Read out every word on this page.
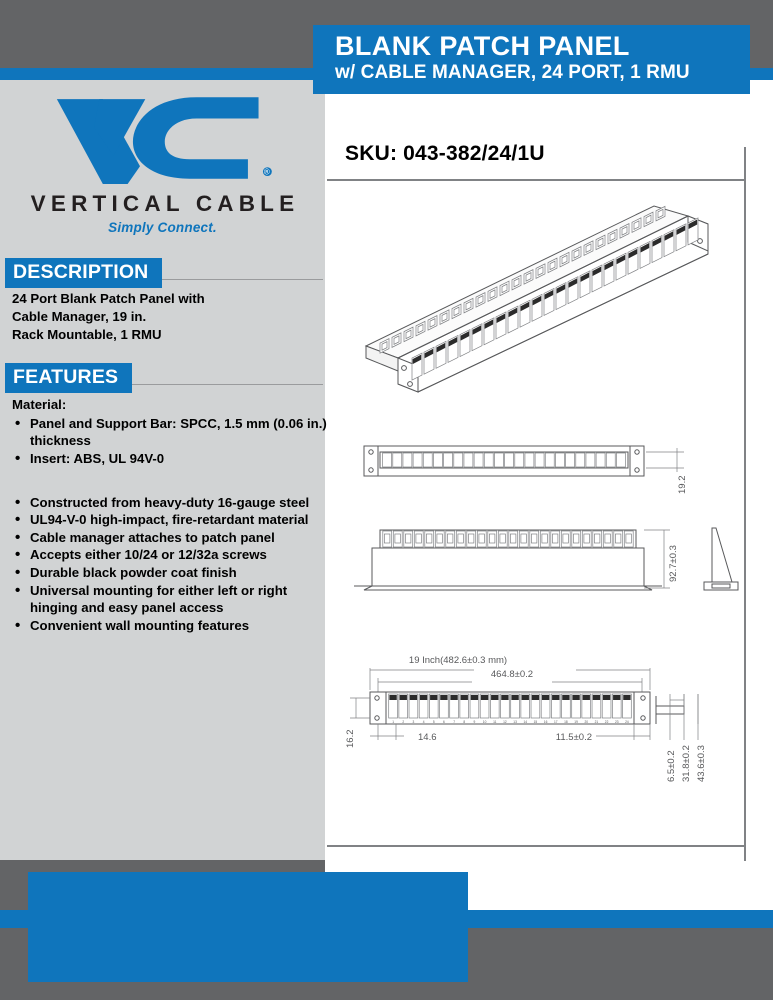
BLANK PATCH PANEL
w/ CABLE MANAGER, 24 PORT, 1 RMU
®
VERTICAL CABLE
Simply Connect.
DESCRIPTION
24 Port Blank Patch Panel with
Cable Manager, 19 in.
Rack Mountable, 1 RMU
FEATURES
Material:
• Panel and Support Bar: SPCC, 1.5 mm (0.06 in.) thickness
• Insert: ABS, UL 94V-0
• Constructed from heavy-duty 16-gauge steel
• UL94-V-0 high-impact, fire-retardant material
• Cable manager attaches to patch panel
• Accepts either 10/24 or 12/32a screws
• Durable black powder coat finish
• Universal mounting for either left or right hinging and easy panel access
• Convenient wall mounting features
SKU: 043-382/24/1U
19.2
92.7±0.3
19 Inch(482.6±0.3 mm)
464.8±0.2
1	2	3	4	5	6	7	8	9 10 11 12 13 14 15 16 17 18 19 20 21 22 23 24
16.2	14.6	11.5±0.2
6.5±0.2 31.8±0.2 43.6±0.3
